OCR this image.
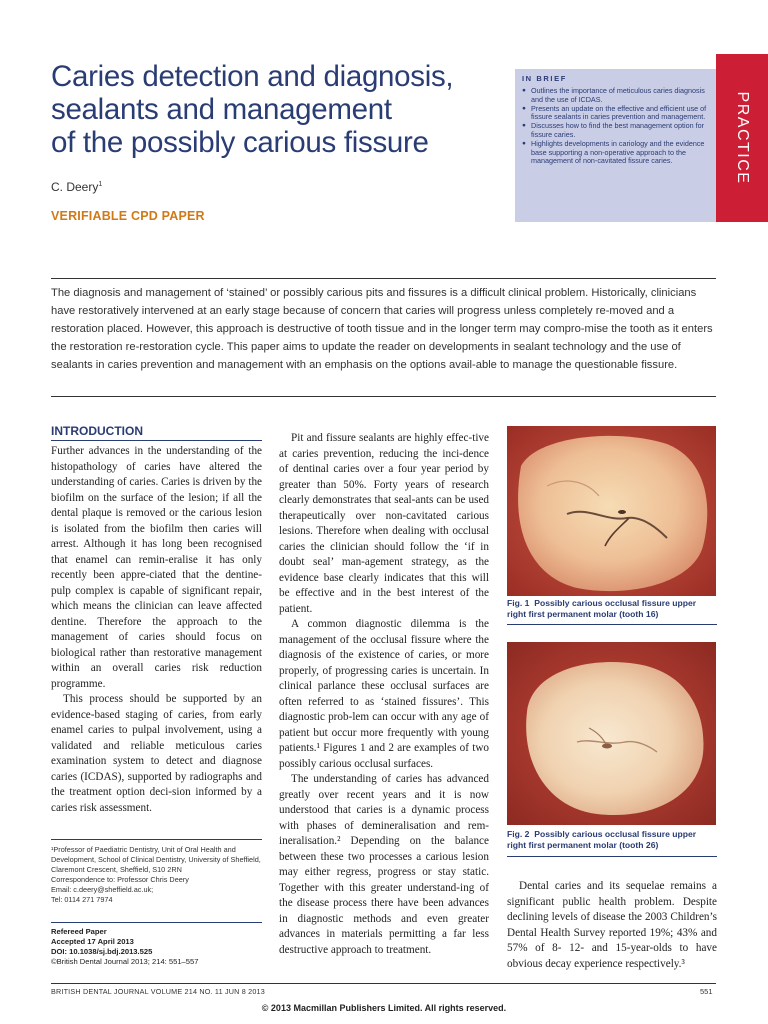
Caries detection and diagnosis,
sealants and management
of the possibly carious fissure
C. Deery$^1$
VERIFIABLE CPD PAPER
IN BRIEF
● Outlines the importance of meticulous caries diagnosis and the use of ICDAS.
● Presents an update on the effective and efficient use of fissure sealants in caries prevention and management.
● Discusses how to find the best management option for fissure caries.
● Highlights developments in cariology and the evidence base supporting a non-operative approach to the management of non-cavitated fissure caries.	PRACTICE
The diagnosis and management of ‘stained’ or possibly carious pits and fissures is a difficult clinical problem. Historically, clinicians have restoratively intervened at an early stage because of concern that caries will progress unless completely re-moved and a restoration placed. However, this approach is destructive of tooth tissue and in the longer term may compro-mise the tooth as it enters the restoration re-restoration cycle. This paper aims to update the reader on developments in sealant technology and the use of sealants in caries prevention and management with an emphasis on the options avail-able to manage the questionable fissure.
INTRODUCTION

Further advances in the understanding of the histopathology of caries have altered the understanding of caries. Caries is driven by the biofilm on the surface of the lesion; if all the dental plaque is removed or the carious lesion is isolated from the biofilm then caries will arrest. Although it has long been recognised that enamel can remin-eralise it has only recently been appre-ciated that the dentine-pulp complex is capable of significant repair, which means the clinician can leave affected dentine. Therefore the approach to the management of caries should focus on biological rather than restorative management within an overall caries risk reduction programme.

This process should be supported by an evidence-based staging of caries, from early enamel caries to pulpal involvement, using a validated and reliable meticulous caries examination system to detect and diagnose caries (ICDAS), supported by radiographs and the treatment option deci-sion informed by a caries risk assessment.

¹Professor of Paediatric Dentistry, Unit of Oral Health and Development, School of Clinical Dentistry, University of Sheffield, Claremont Crescent, Sheffield, S10 2RN
Correspondence to: Professor Chris Deery
Email: c.deery@sheffield.ac.uk;
Tel: 0114 271 7974
Refereed Paper
Accepted 17 April 2013
DOI: 10.1038/sj.bdj.2013.525
©British Dental Journal 2013; 214: 551–557

Pit and fissure sealants are highly effec-tive at caries prevention, reducing the inci-dence of dentinal caries over a four year period by greater than 50%. Forty years of research clearly demonstrates that seal-ants can be used therapeutically over non-cavitated carious lesions. Therefore when dealing with occlusal caries the clinician should follow the ‘if in doubt seal’ man-agement strategy, as the evidence base clearly indicates that this will be effective and in the best interest of the patient.

A common diagnostic dilemma is the management of the occlusal fissure where the diagnosis of the existence of caries, or more properly, of progressing caries is uncertain. In clinical parlance these occlusal surfaces are often referred to as ‘stained fissures’. This diagnostic prob-lem can occur with any age of patient but occur more frequently with young patients.¹ Figures 1 and 2 are examples of two possibly carious occlusal surfaces.

The understanding of caries has advanced greatly over recent years and it is now understood that caries is a dynamic process with phases of demineralisation and rem-ineralisation.² Depending on the balance between these two processes a carious lesion may either regress, progress or stay static. Together with this greater understand-ing of the disease process there have been advances in diagnostic methods and even greater advances in materials permitting a far less destructive approach to treatment.

Fig. 1 Possibly carious occlusal fissure upper right first permanent molar (tooth 16)
Fig. 2 Possibly carious occlusal fissure upper right first permanent molar (tooth 26)

Dental caries and its sequelae remains a significant public health problem. Despite declining levels of disease the 2003 Children’s Dental Health Survey reported 19%; 43% and 57% of 8- 12- and 15-year-olds to have obvious decay experience respectively.³

BRITISH DENTAL JOURNAL VOLUME 214 NO. 11 JUN 8 2013	551
© 2013 Macmillan Publishers Limited. All rights reserved.
